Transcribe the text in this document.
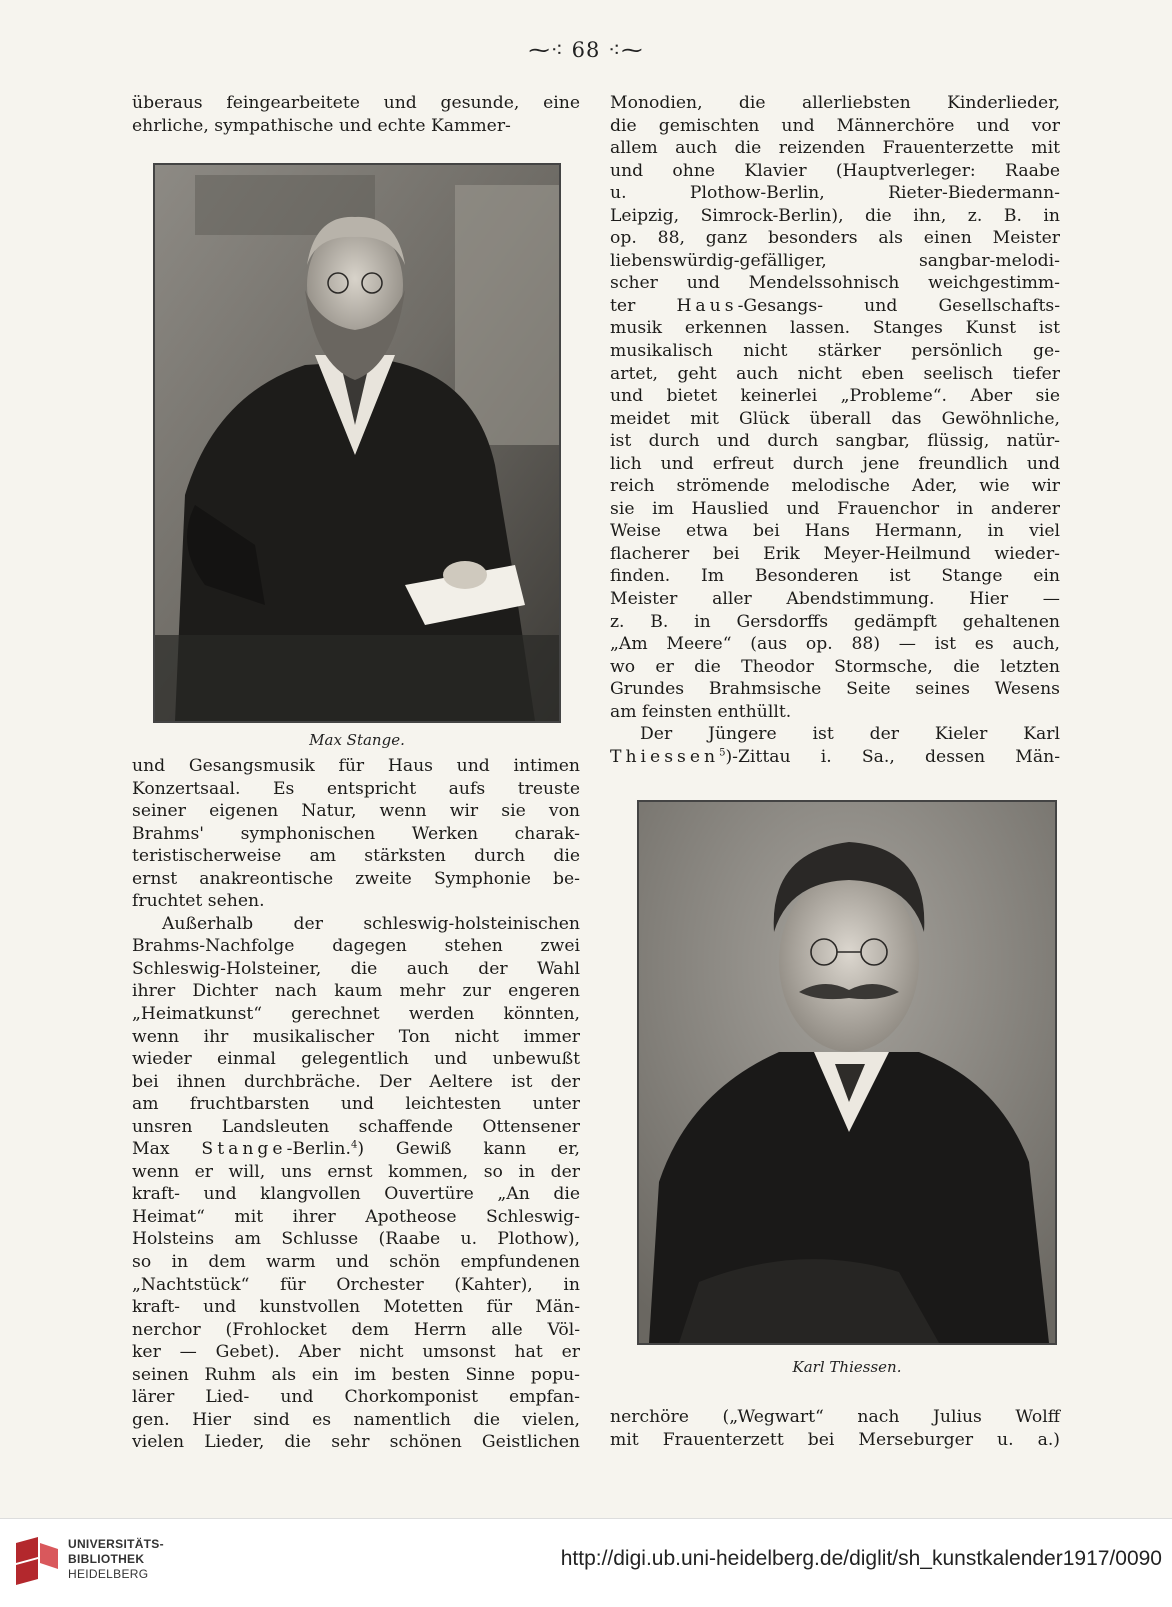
⁓⁖ 68 ⁖⁓

überaus feingearbeitete und gesunde, eine
ehrliche, sympathische und echte Kammer-

Max Stange.

und Gesangsmusik für Haus und intimen
Konzertsaal. Es entspricht aufs treuste
seiner eigenen Natur, wenn wir sie von
Brahms' symphonischen Werken charak-
teristischerweise am stärksten durch die
ernst anakreontische zweite Symphonie be-
fruchtet sehen.

Außerhalb der schleswig-holsteinischen
Brahms-Nachfolge dagegen stehen zwei
Schleswig-Holsteiner, die auch der Wahl
ihrer Dichter nach kaum mehr zur engeren
„Heimatkunst“ gerechnet werden könnten,
wenn ihr musikalischer Ton nicht immer
wieder einmal gelegentlich und unbewußt
bei ihnen durchbräche. Der Aeltere ist der
am fruchtbarsten und leichtesten unter
unsren Landsleuten schaffende Ottensener
Max Stange-Berlin.$^4$) Gewiß kann er,
wenn er will, uns ernst kommen, so in der
kraft- und klangvollen Ouvertüre „An die
Heimat“ mit ihrer Apotheose Schleswig-
Holsteins am Schlusse (Raabe u. Plothow),
so in dem warm und schön empfundenen
„Nachtstück“ für Orchester (Kahter), in
kraft- und kunstvollen Motetten für Män-
nerchor (Frohlocket dem Herrn alle Völ-
ker — Gebet). Aber nicht umsonst hat er
seinen Ruhm als ein im besten Sinne popu-
lärer Lied- und Chorkomponist empfan-
gen. Hier sind es namentlich die vielen,
vielen Lieder, die sehr schönen Geistlichen

Monodien, die allerliebsten Kinderlieder,
die gemischten und Männerchöre und vor
allem auch die reizenden Frauenterzette mit
und ohne Klavier (Hauptverleger: Raabe
u. Plothow-Berlin, Rieter-Biedermann-
Leipzig, Simrock-Berlin), die ihn, z. B. in
op. 88, ganz besonders als einen Meister
liebenswürdig-gefälliger, sangbar-melodi-
scher und Mendelssohnisch weichgestimm-
ter Haus-Gesangs- und Gesellschafts-
musik erkennen lassen. Stanges Kunst ist
musikalisch nicht stärker persönlich ge-
artet, geht auch nicht eben seelisch tiefer
und bietet keinerlei „Probleme“. Aber sie
meidet mit Glück überall das Gewöhnliche,
ist durch und durch sangbar, flüssig, natür-
lich und erfreut durch jene freundlich und
reich strömende melodische Ader, wie wir
sie im Hauslied und Frauenchor in anderer
Weise etwa bei Hans Hermann, in viel
flacherer bei Erik Meyer-Heilmund wieder-
finden. Im Besonderen ist Stange ein
Meister aller Abendstimmung. Hier —
z. B. in Gersdorffs gedämpft gehaltenen
„Am Meere“ (aus op. 88) — ist es auch,
wo er die Theodor Stormsche, die letzten
Grundes Brahmsische Seite seines Wesens
am feinsten enthüllt.

Der Jüngere ist der Kieler Karl
Thiessen$^5$)-Zittau i. Sa., dessen Män-

Karl Thiessen.

nerchöre („Wegwart“ nach Julius Wolff
mit Frauenterzett bei Merseburger u. a.)

UNIVERSITÄTS-
BIBLIOTHEK
HEIDELBERG
http://digi.ub.uni-heidelberg.de/diglit/sh_kunstkalender1917/0090
